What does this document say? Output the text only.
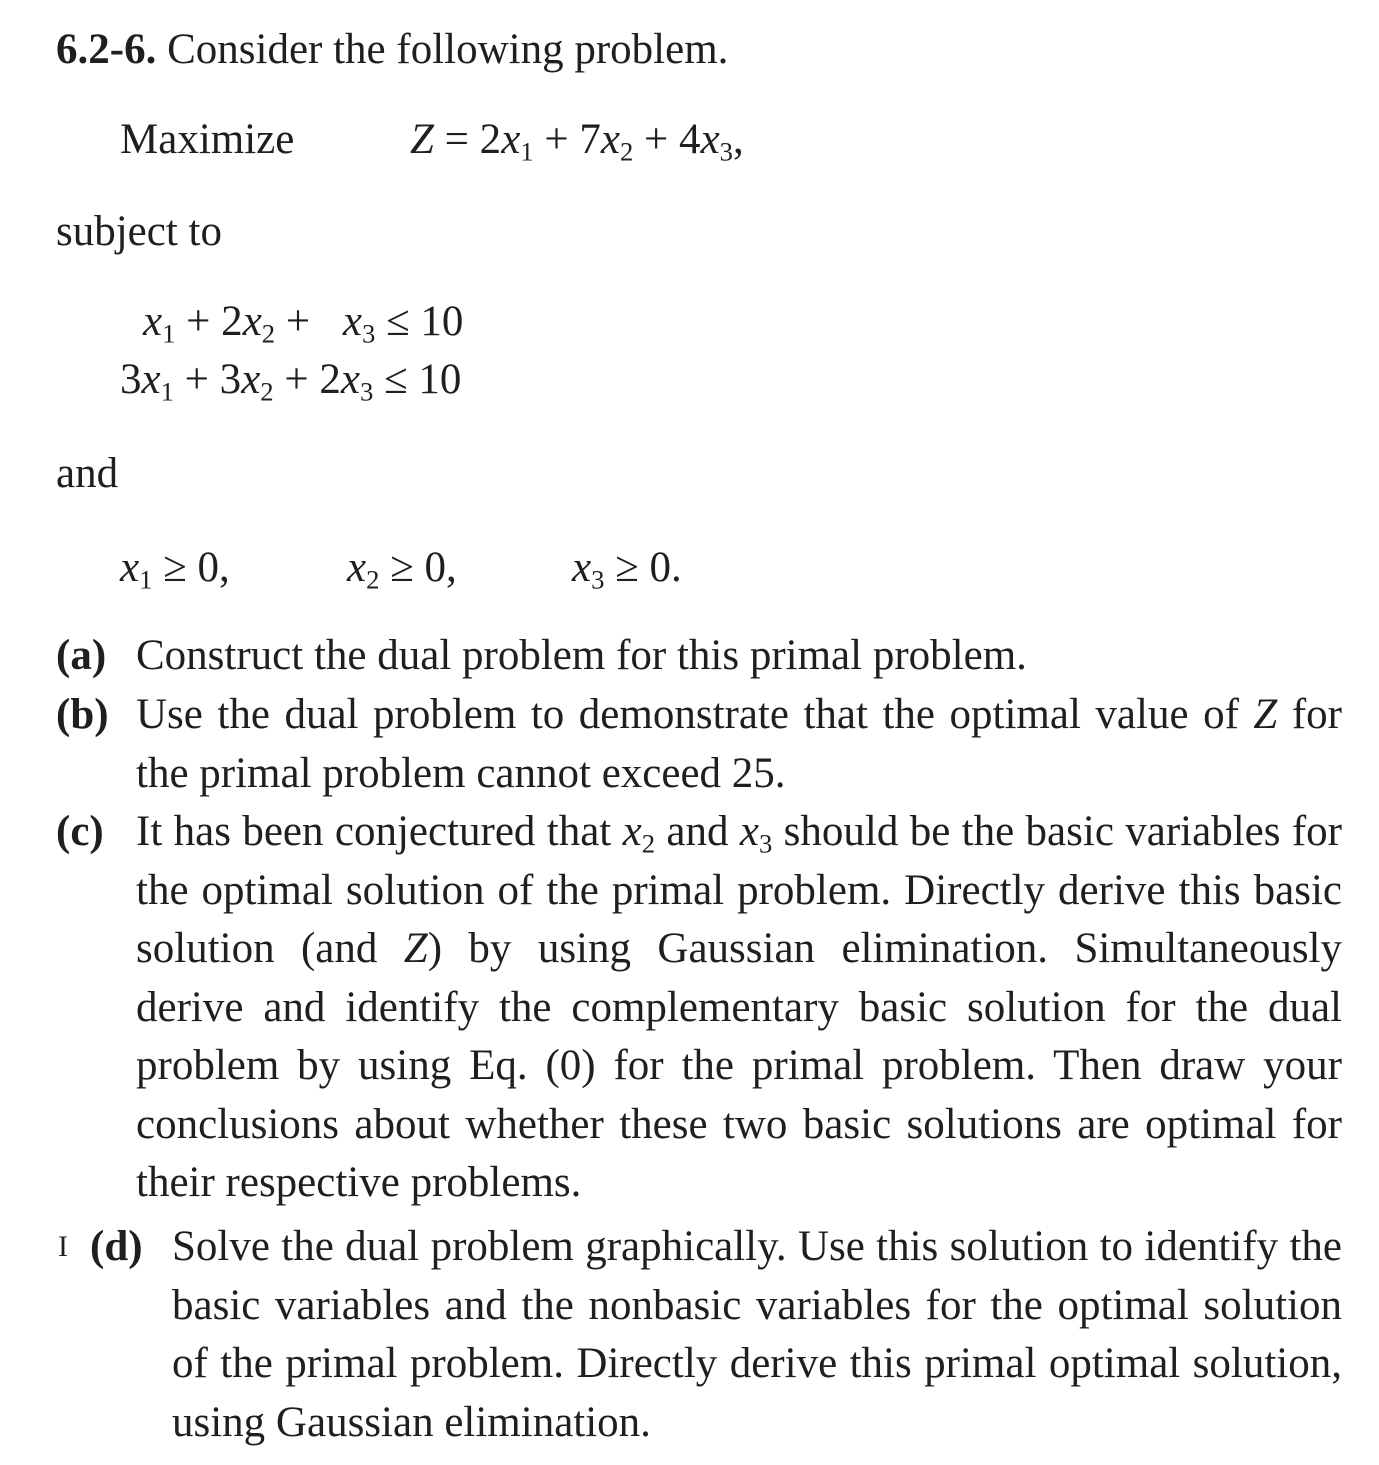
6.2-6. Consider the following problem.
Maximize	$Z = 2x_1 + 7x_2 + 4x_3$,
subject to
$x_1 + 2x_2 + x_3 \le 10$
$3x_1 + 3x_2 + 2x_3 \le 10$
and
$x_1 \ge 0$,	$x_2 \ge 0$,	$x_3 \ge 0$.
(a) Construct the dual problem for this primal problem.
(b) Use the dual problem to demonstrate that the optimal value of Z for the primal problem cannot exceed 25.
(c) It has been conjectured that $x_2$ and $x_3$ should be the basic variables for the optimal solution of the primal problem. Directly derive this basic solution (and Z) by using Gaussian elimination. Simultaneously derive and identify the complementary basic solution for the dual problem by using Eq. (0) for the primal problem. Then draw your conclusions about whether these two basic solutions are optimal for their respective problems.
I (d) Solve the dual problem graphically. Use this solution to identify the basic variables and the nonbasic variables for the optimal solution of the primal problem. Directly derive this primal optimal solution, using Gaussian elimination.
